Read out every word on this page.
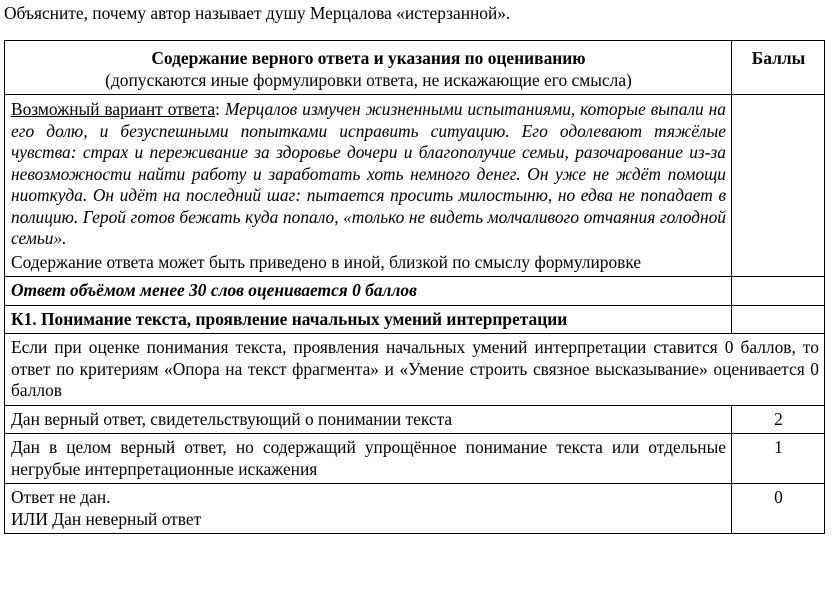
Объясните, почему автор называет душу Мерцалова «истерзанной».
Содержание верного ответа и указания по оцениванию
(допускаются иные формулировки ответа, не искажающие его смысла)	Баллы

Возможный вариант ответа: Мерцалов измучен жизненными испытаниями, которые выпали на его долю, и безуспешными попытками исправить ситуацию. Его одолевают тяжёлые чувства: страх и переживание за здоровье дочери и благополучие семьи, разочарование из-за невозможности найти работу и заработать хоть немного денег. Он уже не ждёт помощи ниоткуда. Он идёт на последний шаг: пытается просить милостыню, но едва не попадает в полицию. Герой готов бежать куда попало, «только не видеть молчаливого отчаяния голодной семьи».
Содержание ответа может быть приведено в иной, близкой по смыслу формулировке	

Ответ объёмом менее 30 слов оценивается 0 баллов	
К1. Понимание текста, проявление начальных умений интерпретации	
Если при оценке понимания текста, проявления начальных умений интерпретации ставится 0 баллов, то ответ по критериям «Опора на текст фрагмента» и «Умение строить связное высказывание» оценивается 0 баллов	
Дан верный ответ, свидетельствующий о понимании текста	2
Дан в целом верный ответ, но содержащий упрощённое понимание текста или отдельные негрубые интерпретационные искажения	1

Ответ не дан.
ИЛИ Дан неверный ответ	0
